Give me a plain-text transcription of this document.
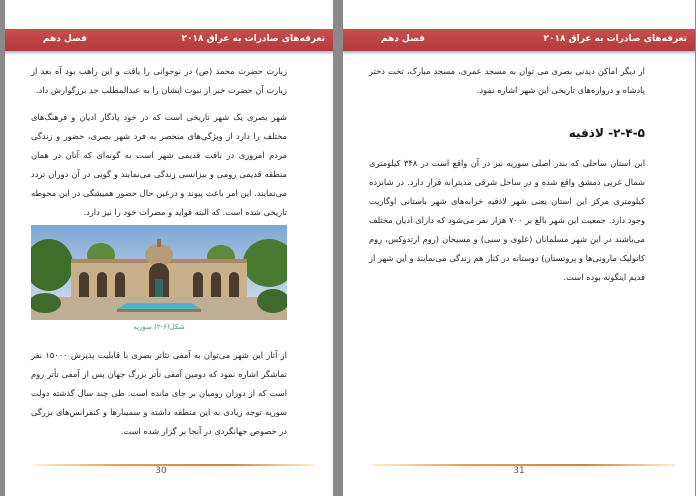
تعرفه‌های صادرات به عراق ۲۰۱۸
فصل دهم

زیارت حضرت محمد (ص) در نوجوانی را یافت و این راهب بود آه بعد از زیارت آن حضرت خبر از نبوت ایشان را به عبدالمطلب جد برزگوارش داد.

شهر بصری یک شهر تاریخی است که در خود یادگار ادیان و فرهنگ‌های مختلف را دارد از ویژگی‌های منحصر به فرد شهر بصری، حضور و زندگی مردم امروزی در بافت قدیمی شهر است به گونه‌ای که آنان در همان منطقه قدیمی رومی و بیزانسی زندگی می‌نمایند و گویی در آن دوران تردد می‌نمایند. این امر باعث پیوند و درعین حال حضور همیشگی در این محوطه تاریخی شده است. که البته فواید و مضرات خود را نیز دارد.

شکل(۶-۲) سوریه

از آثار این شهر می‌توان به آمفی تئاتر بصری با قابلیت پذیرش ۱۵۰۰۰ نفر تماشگر اشاره نمود که دومین آمفی تأتر بزرگ جهان پس از آمفی تأتر روم است که از دوران رومیان بر جای مانده است. طی چند سال گذشته دولت سوریه توجه زیادی به این منطقه داشته و سمینارها و کنفرانس‌های بزرگی در خصوص جهانگردی در آنجا بر گزار شده است.

30
تعرفه‌های صادرات به عراق ۲۰۱۸
فصل دهم

از دیگر اماکن دیدنی بصری می توان به مسجد عمری، مسجد مبارک، تخت دختر پادشاه و دروازه‌های تاریخی این شهر اشاره نمود.

۲-۴-۵- لاذقیه

این استان ساحلی که بندر اصلی سوریه نیز در آن واقع است در ۳۴۸ کیلومتری شمال غربی دمشق واقع شده و در ساحل شرقی مدیترانه قرار دارد. در شانزده کیلومتری مرکز این استان یعنی شهر لاذقیه خرابه‌های شهر باستانی اوگاریت وجود دارد. جمعیت این شهر بالغ بر ۷۰۰ هزار نفر می‌شود که دارای ادیان مختلف می‌باشند در این شهر مسلمانان (علوی و سنی) و مسیحان (روم ارتدوکس، روم کاتولیک مارونی‌ها و پروتستان) دوستانه در کنار هم زندگی می‌نمایند و این شهر از قدیم اینگونه بوده است.

31
